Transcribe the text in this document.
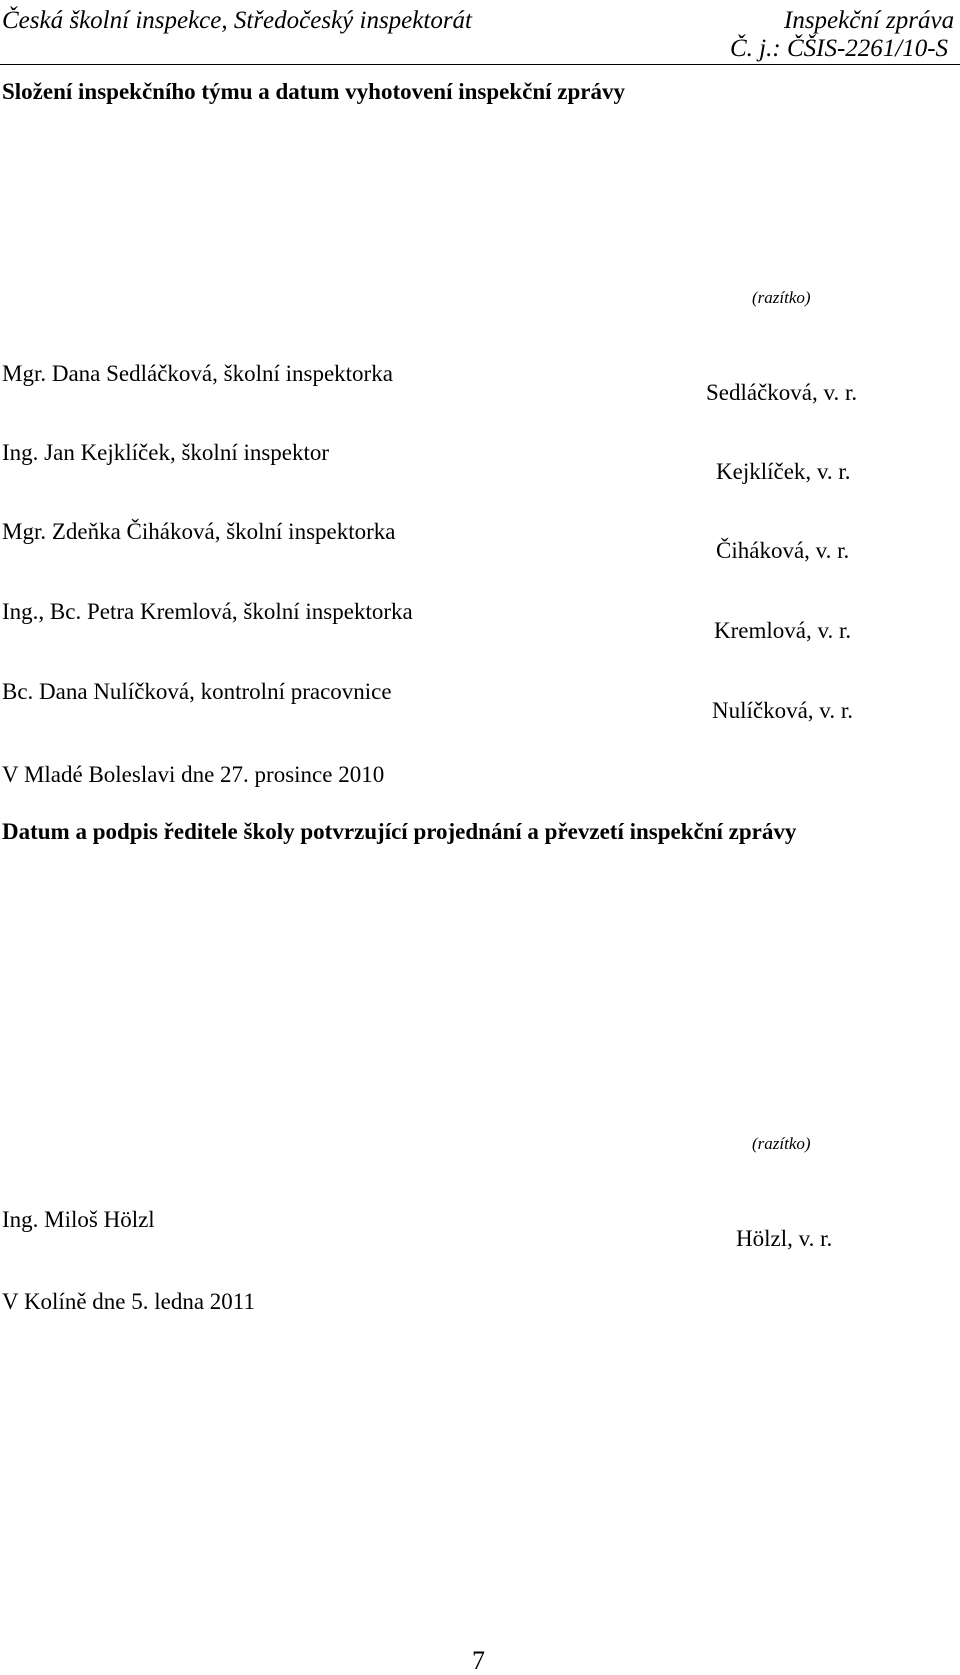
Česká školní inspekce, Středočeský inspektorát	Inspekční zpráva
Č. j.: ČŠIS-2261/10-S
Složení inspekčního týmu a datum vyhotovení inspekční zprávy
(razítko)
Mgr. Dana Sedláčková, školní inspektorka
Sedláčková, v. r.
Ing. Jan Kejklíček, školní inspektor
Kejklíček, v. r.
Mgr. Zdeňka Čiháková, školní inspektorka
Čiháková, v. r.
Ing., Bc. Petra Kremlová, školní inspektorka
Kremlová, v. r.
Bc. Dana Nulíčková, kontrolní pracovnice
Nulíčková, v. r.
V Mladé Boleslavi dne 27. prosince 2010
Datum a podpis ředitele školy potvrzující projednání a převzetí inspekční zprávy
(razítko)
Ing. Miloš Hölzl
Hölzl, v. r.
V Kolíně dne 5. ledna 2011
7
